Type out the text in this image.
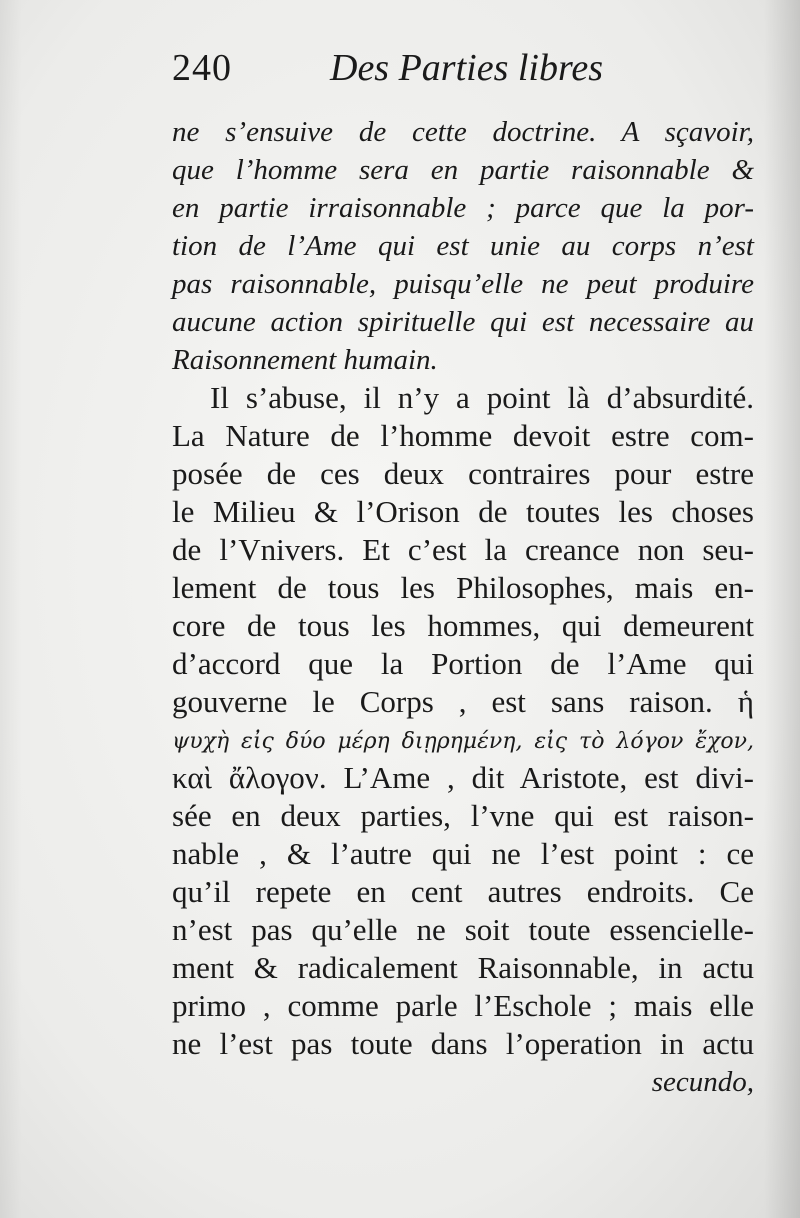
240	Des Parties libres
ne s’ensuive de cette doctrine. A sçavoir,
que l’homme sera en partie raisonnable &
en partie irraisonnable ; parce que la por-
tion de l’Ame qui est unie au corps n’est
pas raisonnable, puisqu’elle ne peut produire
aucune action spirituelle qui est necessaire au
Raisonnement humain.
Il s’abuse, il n’y a point là d’absurdité.
La Nature de l’homme devoit estre com-
posée de ces deux contraires pour estre
le Milieu & l’Orison de toutes les choses
de l’Vnivers. Et c’est la creance non seu-
lement de tous les Philosophes, mais en-
core de tous les hommes, qui demeurent
d’accord que la Portion de l’Ame qui
gouverne le Corps , est sans raison. ἡ
ψυχὴ εἰς δύο μέρη διῃρημένη, εἰς τὸ λόγον ἔχον,
καὶ ἄλογον. L’Ame , dit Aristote, est divi-
sée en deux parties, l’vne qui est raison-
nable , & l’autre qui ne l’est point : ce
qu’il repete en cent autres endroits. Ce
n’est pas qu’elle ne soit toute essencielle-
ment & radicalement Raisonnable, in actu
primo , comme parle l’Eschole ; mais elle
ne l’est pas toute dans l’operation in actu
secundo,
